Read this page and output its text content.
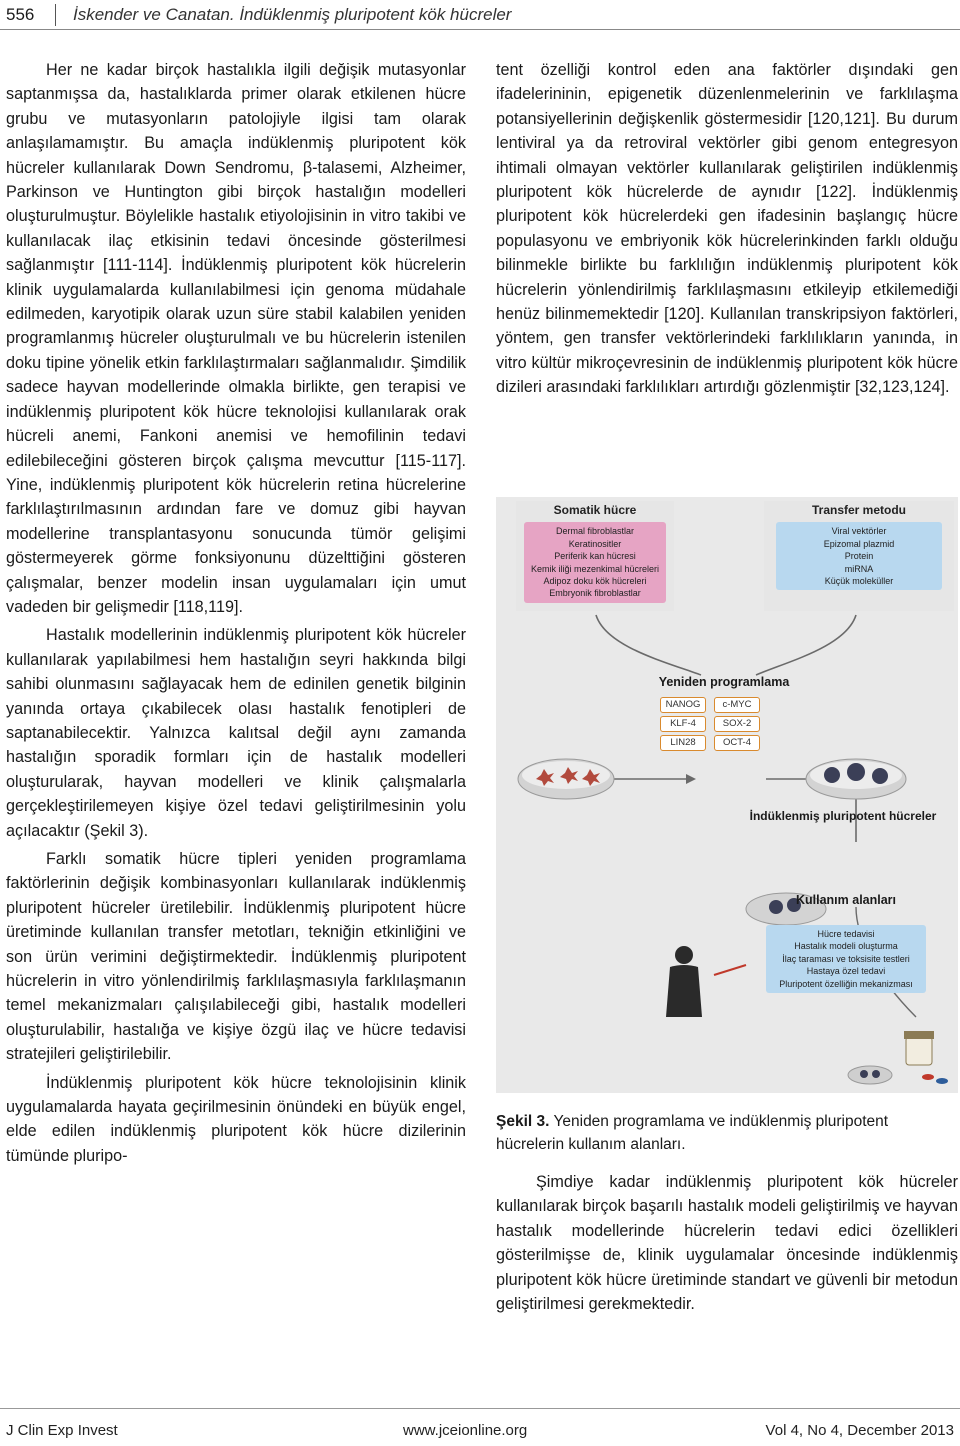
556 İskender ve Canatan. İndüklenmiş pluripotent kök hücreler

Her ne kadar birçok hastalıkla ilgili değişik mutasyonlar saptanmışsa da, hastalıklarda primer olarak etkilenen hücre grubu ve mutasyonların patolojiyle ilgisi tam olarak anlaşılamamıştır. Bu amaçla indüklenmiş pluripotent kök hücreler kullanılarak Down Sendromu, β-talasemi, Alzheimer, Parkinson ve Huntington gibi birçok hastalığın modelleri oluşturulmuştur. Böylelikle hastalık etiyolojisinin in vitro takibi ve kullanılacak ilaç etkisinin tedavi öncesinde gösterilmesi sağlanmıştır [111-114]. İndüklenmiş pluripotent kök hücrelerin klinik uygulamalarda kullanılabilmesi için genoma müdahale edilmeden, karyotipik olarak uzun süre stabil kalabilen yeniden programlanmış hücreler oluşturulmalı ve bu hücrelerin istenilen doku tipine yönelik etkin farklılaştırmaları sağlanmalıdır. Şimdilik sadece hayvan modellerinde olmakla birlikte, gen terapisi ve indüklenmiş pluripotent kök hücre teknolojisi kullanılarak orak hücreli anemi, Fankoni anemisi ve hemofilinin tedavi edilebileceğini gösteren birçok çalışma mevcuttur [115-117]. Yine, indüklenmiş pluripotent kök hücrelerin retina hücrelerine farklılaştırılmasının ardından fare ve domuz gibi hayvan modellerine transplantasyonu sonucunda tümör gelişimi göstermeyerek görme fonksiyonunu düzelttiğini gösteren çalışmalar, benzer modelin insan uygulamaları için umut vadeden bir gelişmedir [118,119].

Hastalık modellerinin indüklenmiş pluripotent kök hücreler kullanılarak yapılabilmesi hem hastalığın seyri hakkında bilgi sahibi olunmasını sağlayacak hem de edinilen genetik bilginin yanında ortaya çıkabilecek olası hastalık fenotipleri de saptanabilecektir. Yalnızca kalıtsal değil aynı zamanda hastalığın sporadik formları için de hastalık modelleri oluşturularak, hayvan modelleri ve klinik çalışmalarla gerçekleştirilemeyen kişiye özel tedavi geliştirilmesinin yolu açılacaktır (Şekil 3).

Farklı somatik hücre tipleri yeniden programlama faktörlerinin değişik kombinasyonları kullanılarak indüklenmiş pluripotent hücreler üretilebilir. İndüklenmiş pluripotent hücre üretiminde kullanılan transfer metotları, tekniğin etkinliğini ve son ürün verimini değiştirmektedir. İndüklenmiş pluripotent hücrelerin in vitro yönlendirilmiş farklılaşmasıyla farklılaşmanın temel mekanizmaları çalışılabileceği gibi, hastalık modelleri oluşturulabilir, hastalığa ve kişiye özgü ilaç ve hücre tedavisi stratejileri geliştirilebilir.

İndüklenmiş pluripotent kök hücre teknolojisinin klinik uygulamalarda hayata geçirilmesinin önündeki en büyük engel, elde edilen indüklenmiş pluripotent kök hücre dizilerinin tümünde pluripo-

tent özelliği kontrol eden ana faktörler dışındaki gen ifadelerininin, epigenetik düzenlenmelerinin ve farklılaşma potansiyellerinin değişkenlik göstermesidir [120,121]. Bu durum lentiviral ya da retroviral vektörler gibi genom entegresyon ihtimali olmayan vektörler kullanılarak geliştirilen indüklenmiş pluripotent kök hücrelerde de aynıdır [122]. İndüklenmiş pluripotent kök hücrelerdeki gen ifadesinin başlangıç hücre populasyonu ve embriyonik kök hücrelerinkinden farklı olduğu bilinmekle birlikte bu farklılığın indüklenmiş pluripotent kök hücrelerin yönlendirilmiş farklılaşmasını etkileyip etkilemediği henüz bilinmemektedir [120]. Kullanılan transkripsiyon faktörleri, yöntem, gen transfer vektörlerindeki farklılıkların yanında, in vitro kültür mikroçevresinin de indüklenmiş pluripotent kök hücre dizileri arasındaki farklılıkları artırdığı gözlenmiştir [32,123,124].

Somatik hücre
Dermal fibroblastlar
Keratinositler
Periferik kan hücresi
Kemik iliği mezenkimal hücreleri
Adipoz doku kök hücreleri
Embryonik fibroblastlar
Transfer metodu
Viral vektörler
Epizomal plazmid
Protein
miRNA
Küçük moleküller
Yeniden programlama
NANOG	c-MYC
KLF-4	SOX-2
LIN28	OCT-4
İndüklenmiş pluripotent hücreler
Kullanım alanları
Hücre tedavisi
Hastalık modeli oluşturma
İlaç taraması ve toksisite testleri
Hastaya özel tedavi
Pluripotent özelliğin mekanizması
Şekil 3. Yeniden programlama ve indüklenmiş pluripotent hücrelerin kullanım alanları.

Şimdiye kadar indüklenmiş pluripotent kök hücreler kullanılarak birçok başarılı hastalık modeli geliştirilmiş ve hayvan hastalık modellerinde hücrelerin tedavi edici özellikleri gösterilmişse de, klinik uygulamalar öncesinde indüklenmiş pluripotent kök hücre üretiminde standart ve güvenli bir metodun geliştirilmesi gerekmektedir.

J Clin Exp Invest	www.jceionline.org	Vol 4, No 4, December 2013
